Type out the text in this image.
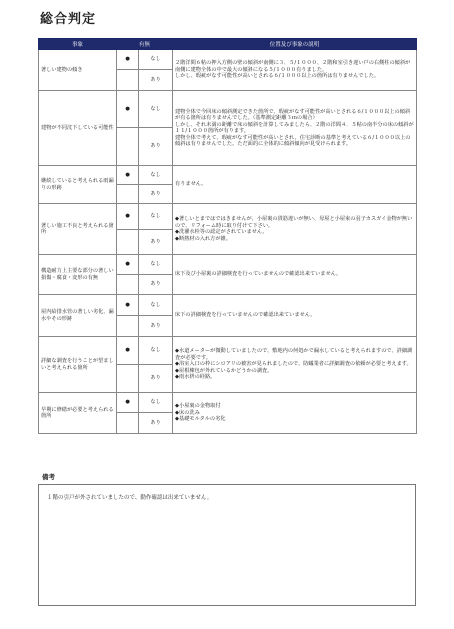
総合判定
事象	有無		位置及び事象の説明
著しい建物の傾き	●	なし	２階洋間６帖の押入方側の壁の傾斜が南側に３．５/１０００、２階和室引き違い戸の右側柱の傾斜が南側に建物全体の中で最大の傾斜になる５/１０００有りました。

しかし、瑕疵がなす可能性が高いとされる６/１０００以上の箇所は有りませんでした。

		あり	
建物が不同沈下している可能性	●	なし	建物全体で今回床の傾斜測定できた箇所で、瑕疵がなす可能性が高いとされる６/１０００以上の傾斜が有る箇所は有りませんでした。（基準測定距離３ｍの場合）

しかし、それ未満の距離で床の傾斜を計算してみましたら、２階の洋間４．５帖の南半分の床の傾斜が１１/１０００箇所が有ります。

建物全体で考えて、瑕疵がなす可能性が高いとされ、住宅診断の基準と考えている６/１０００以上の傾斜は有りませんでした。ただ面的に全体的に傾斜傾向が見受けられます。

		あり	
継続していると考えられる雨漏りの形跡	●	なし	有りません。

		あり	
著しい施工不良と考えられる箇所	●	なし	◆著しいとまではではきませんが、小屋裏の貫筋違いが無い、母屋と小屋束の羽子カスガイ金物が無いので、リフォーム時に取り付けて下さい。

◆洗濯水栓等の認定がされていません。

◆断熱材の入れ方が雑。

		あり	
構造耐力上主要な部分の著しい損傷・腐食・変形の有無	●	なし	床下及び小屋裏の詳細検査を行っていませんので確認出来ていません。

		あり	
屋内給排水管の著しい劣化、漏水やその形跡	●	なし	床下の詳細検査を行っていませんので確認出来ていません。

		あり	
詳細な調査を行うことが望ましいと考えられる箇所	●	なし	◆水道メーターが微動していましたので、敷地内の何処かで漏水していると考えられますので、詳細調査が必要です。

◆浴室入口の枠にシロアリの被害が見られましたので、防蟻業者に詳細調査の依頼が必要と考えます。

◆屋根棟包が外れているかどうかの調査。

◆雨水枡の経路。

		あり	
早期に修繕が必要と考えられる箇所	●	なし	◆小屋裏の金物取付

◆床の洗み

◆基礎モルタルの劣化

		あり	
備考

１階の引戸が外されていましたので、動作確認は出来ていません。
